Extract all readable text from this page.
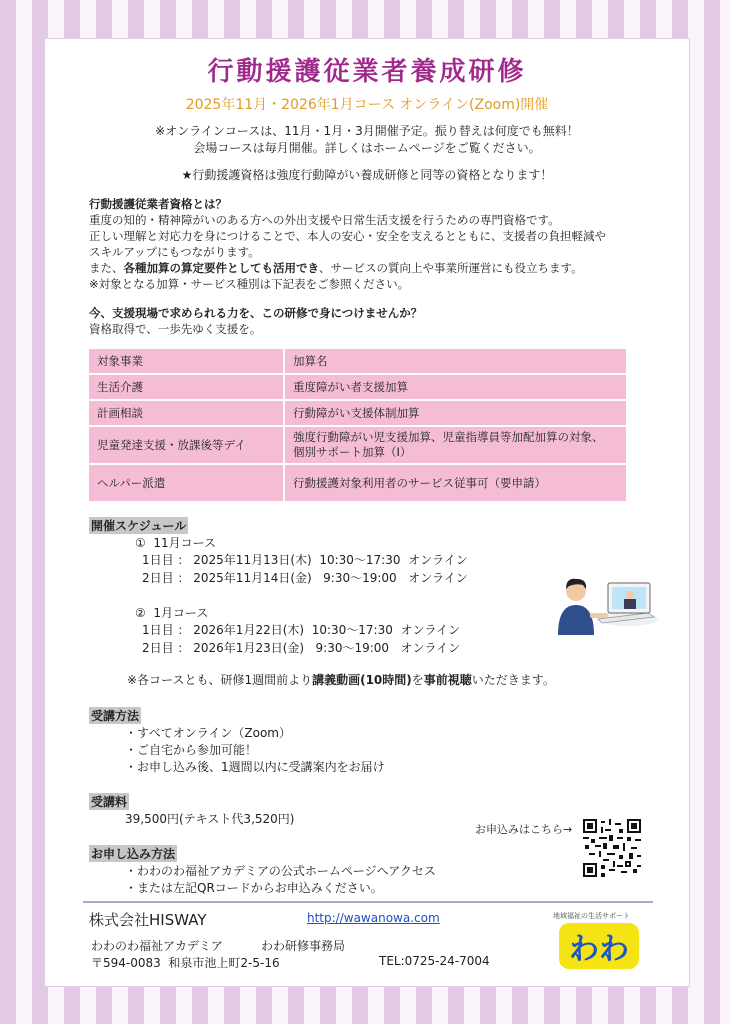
行動援護従業者養成研修
2025年11月・2026年1月コース オンライン(Zoom)開催
※オンラインコースは、11月・1月・3月開催予定。振り替えは何度でも無料！
会場コースは毎月開催。詳しくはホームページをご覧ください。
★行動援護資格は強度行動障がい養成研修と同等の資格となります！
行動援護従業者資格とは？
重度の知的・精神障がいのある方への外出支援や日常生活支援を行うための専門資格です。
正しい理解と対応力を身につけることで、本人の安心・安全を支えるとともに、支援者の負担軽減や
スキルアップにもつながります。
また、各種加算の算定要件としても活用でき、サービスの質向上や事業所運営にも役立ちます。
※対象となる加算・サービス種別は下記表をご参照ください。
今、支援現場で求められる力を、この研修で身につけませんか？
資格取得で、一歩先ゆく支援を。
対象事業	加算名
生活介護	重度障がい者支援加算
計画相談	行動障がい支援体制加算
児童発達支援・放課後等デイ	強度行動障がい児支援加算、児童指導員等加配加算の対象、
個別サポート加算（Ⅰ）

ヘルパー派遣	行動援護対象利用者のサービス従事可（要申請）
開催スケジュール
①  11月コース
1日目 ： 2025年11月13日(木)  10:30～17:30  オンライン
2日目 ： 2025年11月14日(金)   9:30～19:00   オンライン
②  1月コース
1日目 ： 2026年1月22日(木)  10:30～17:30  オンライン
2日目 ： 2026年1月23日(金)   9:30～19:00   オンライン
※各コースとも、研修1週間前より講義動画(10時間)を事前視聴いただきます。
受講方法
・すべてオンライン（Zoom）
・ご自宅から参加可能！
・お申し込み後、1週間以内に受講案内をお届け
受講料
39,500円(テキスト代3,520円)
お申込みはこちら→
お申し込み方法
・わわのわ福祉アカデミアの公式ホームページへアクセス
・または左記QRコードからお申込みください。
株式会社HISWAY	http://wawanowa.com
わわのわ福祉アカデミア	わわ研修事務局
〒594-0083  和泉市池上町2-5-16	TEL:0725-24-7004
地域福祉の生活サポート
わわ
